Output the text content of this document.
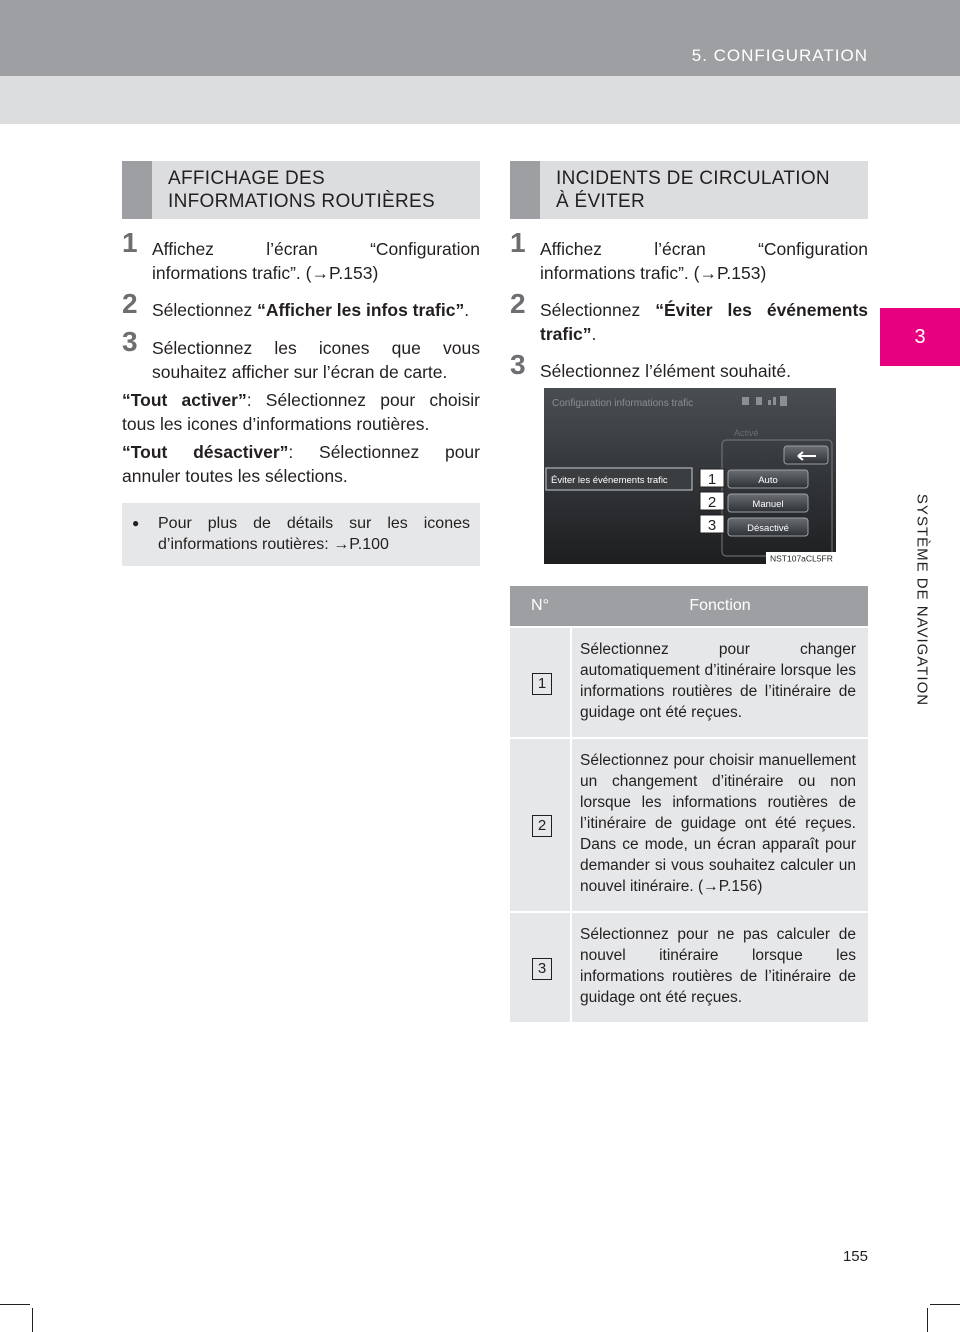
5. CONFIGURATION
3
SYSTÈME DE NAVIGATION
AFFICHAGE DES
INFORMATIONS ROUTIÈRES
1 Affichez l’écran “Configuration informations trafic”. (→P.153)
2 Sélectionnez “Afficher les infos trafic”.
3 Sélectionnez les icones que vous souhaitez afficher sur l’écran de carte.
“Tout activer”: Sélectionnez pour choisir tous les icones d’informations routières.
“Tout désactiver”: Sélectionnez pour annuler toutes les sélections.
● Pour plus de détails sur les icones d’informations routières: →P.100
INCIDENTS DE CIRCULATION
À ÉVITER
1 Affichez l’écran “Configuration informations trafic”. (→P.153)
2 Sélectionnez “Éviter les événements trafic”.
3 Sélectionnez l’élément souhaité.
Configuration informations trafic
Activé
Éviter les événements trafic	Auto
Manuel
Désactivé
1
2
3
NST107aCL5FR
N°	Fonction
1
Sélectionnez pour changer automatiquement d’itinéraire lorsque les informations routières de l’itinéraire de guidage ont été reçues.
2
Sélectionnez pour choisir manuellement un changement d’itinéraire ou non lorsque les informations routières de l’itinéraire de guidage ont été reçues. Dans ce mode, un écran apparaît pour demander si vous souhaitez calculer un nouvel itinéraire. (→P.156)
3
Sélectionnez pour ne pas calculer de nouvel itinéraire lorsque les informations routières de l’itinéraire de guidage ont été reçues.
155
